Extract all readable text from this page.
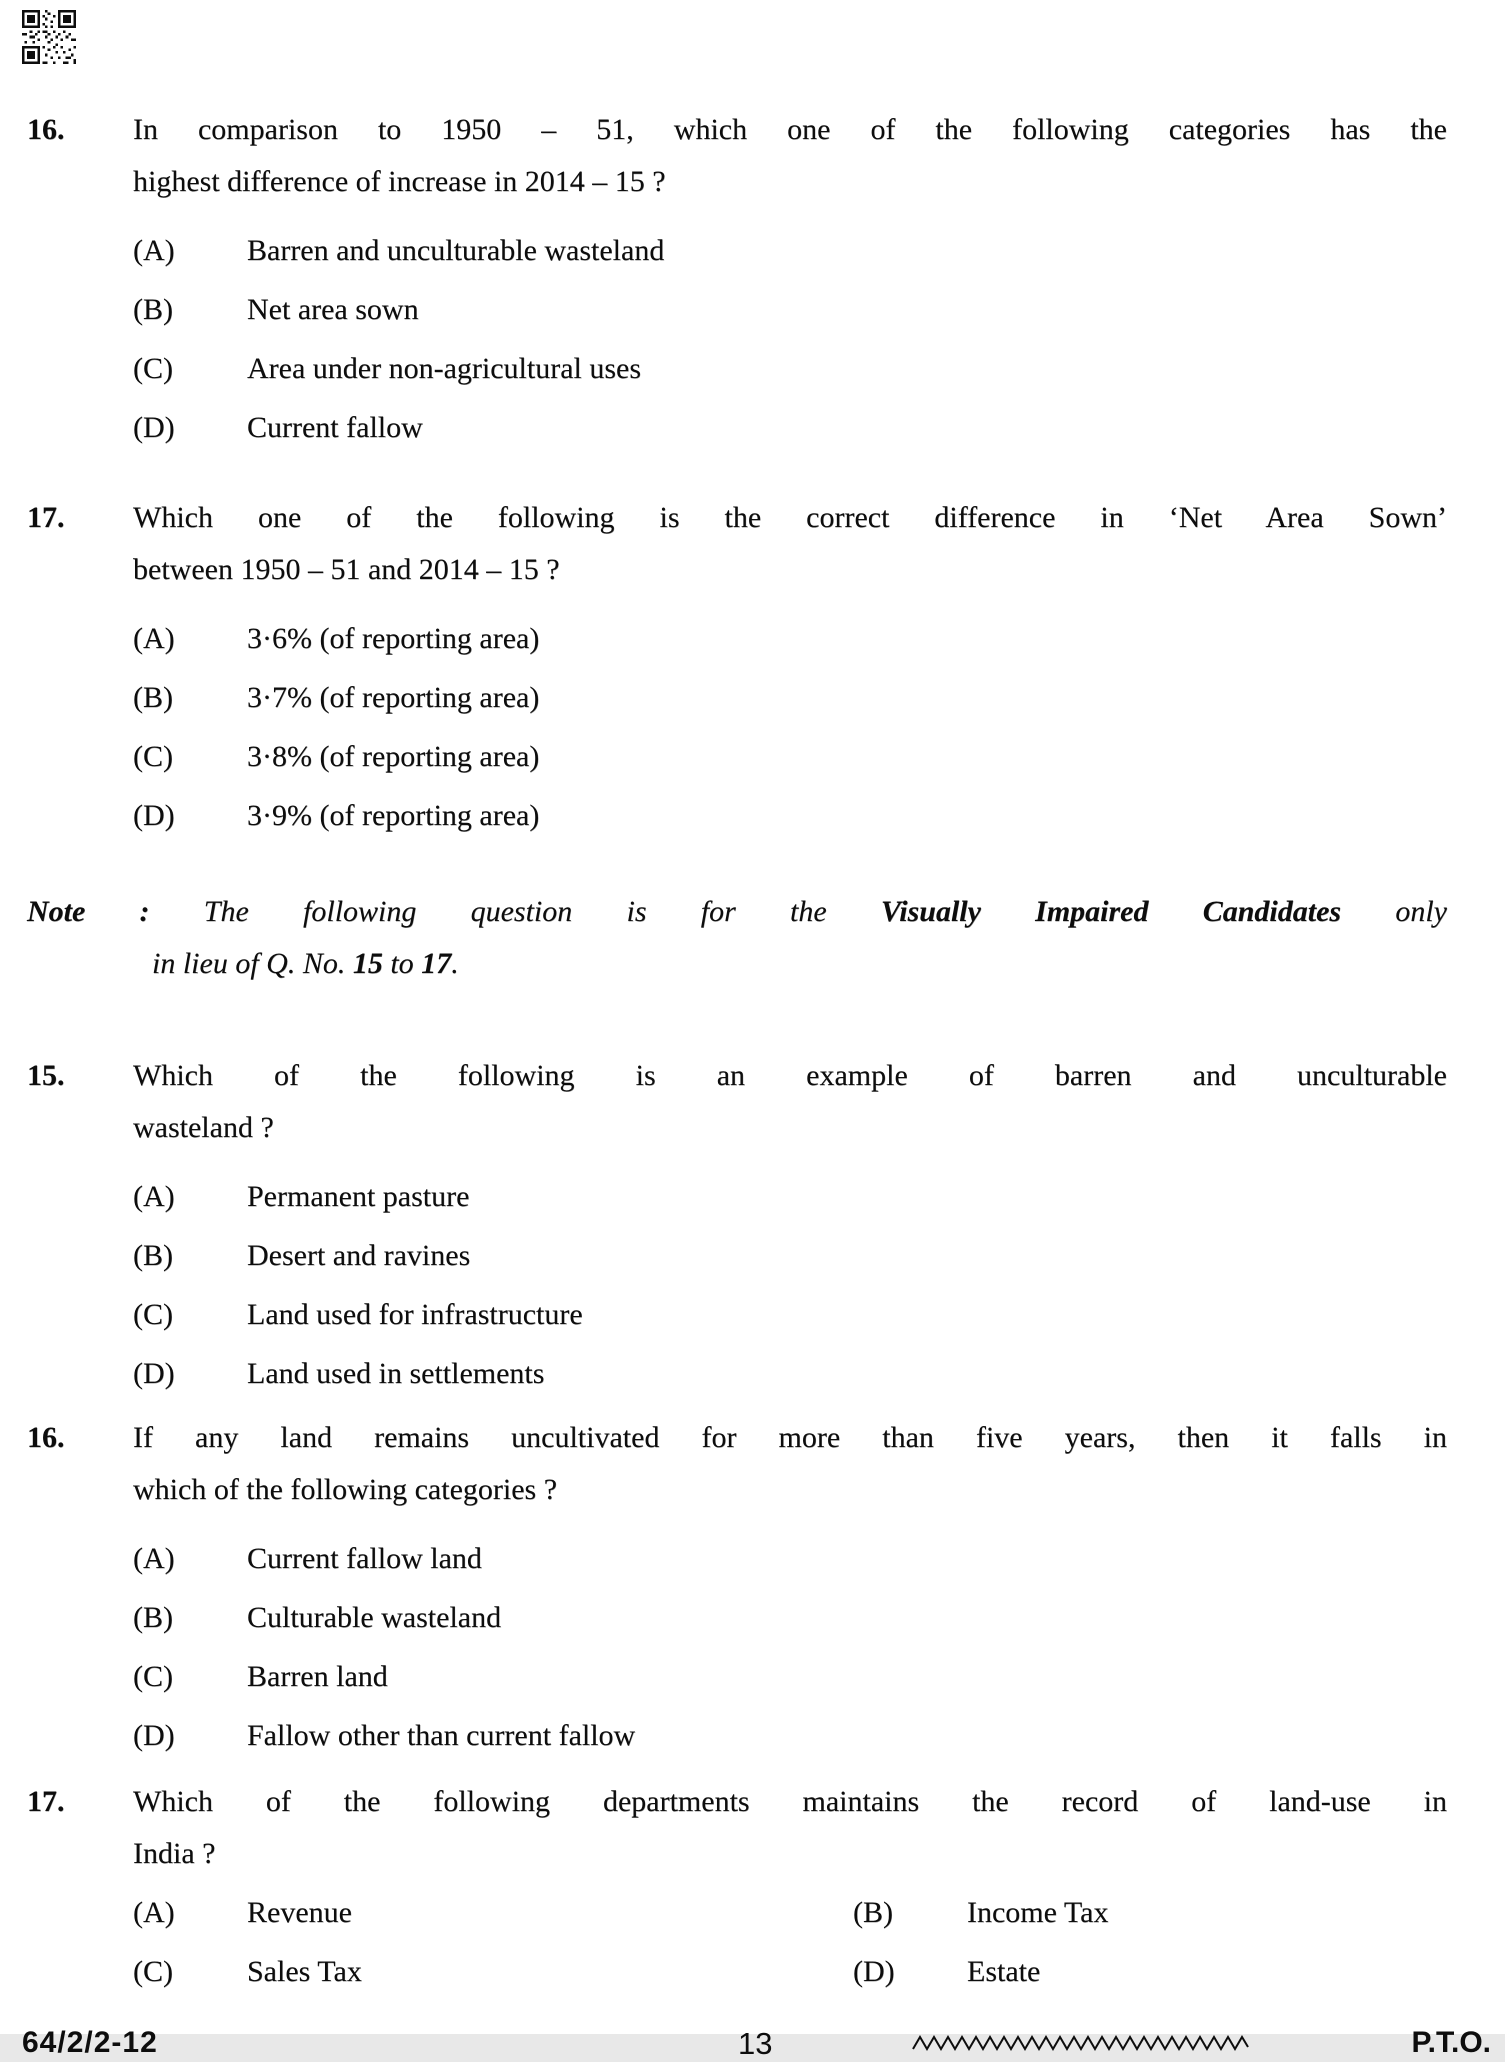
16.	In comparison to 1950 – 51, which one of the following categories has the
highest difference of increase in 2014 – 15 ?
(A)	Barren and unculturable wasteland
(B)	Net area sown
(C)	Area under non-agricultural uses
(D)	Current fallow
17.	Which one of the following is the correct difference in ‘Net Area Sown’
between 1950 – 51 and 2014 – 15 ?
(A)	3·6% (of reporting area)
(B)	3·7% (of reporting area)
(C)	3·8% (of reporting area)
(D)	3·9% (of reporting area)
Note : The following question is for the Visually Impaired Candidates only
in lieu of Q. No. 15 to 17.
15.	Which of the following is an example of barren and unculturable
wasteland ?
(A)	Permanent pasture
(B)	Desert and ravines
(C)	Land used for infrastructure
(D)	Land used in settlements
16.	If any land remains uncultivated for more than five years, then it falls in
which of the following categories ?
(A)	Current fallow land
(B)	Culturable wasteland
(C)	Barren land
(D)	Fallow other than current fallow
17.	Which of the following departments maintains the record of land-use in
India ?
(A)	Revenue	(B)	Income Tax
(C)	Sales Tax	(D)	Estate
64/2/2-12	13	P.T.O.
